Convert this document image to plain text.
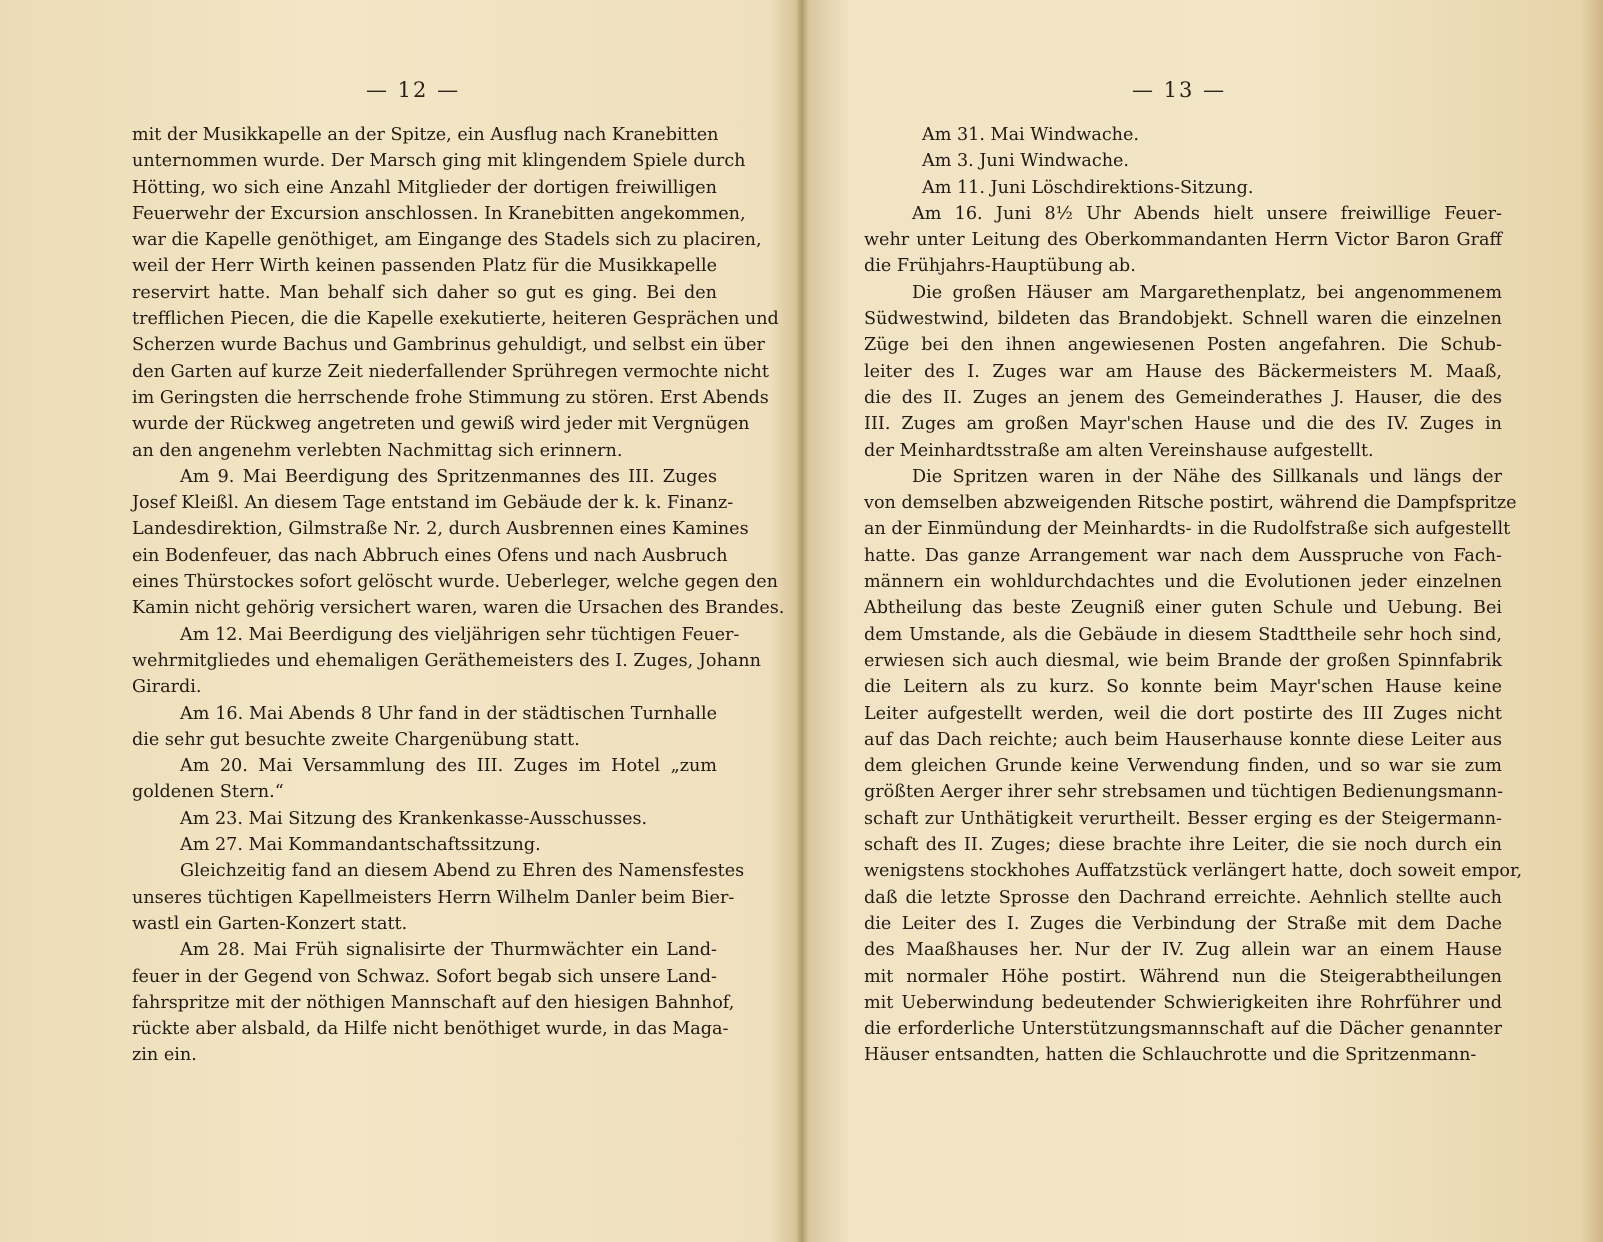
— 12 —
mit der Musikkapelle an der Spitze, ein Ausflug nach Kranebitten
unternommen wurde. Der Marsch ging mit klingendem Spiele durch
Hötting, wo sich eine Anzahl Mitglieder der dortigen freiwilligen
Feuerwehr der Excursion anschlossen. In Kranebitten angekommen,
war die Kapelle genöthiget, am Eingange des Stadels sich zu placiren,
weil der Herr Wirth keinen passenden Platz für die Musikkapelle
reservirt hatte. Man behalf sich daher so gut es ging. Bei den
trefflichen Piecen, die die Kapelle exekutierte, heiteren Gesprächen und
Scherzen wurde Bachus und Gambrinus gehuldigt, und selbst ein über
den Garten auf kurze Zeit niederfallender Sprühregen vermochte nicht
im Geringsten die herrschende frohe Stimmung zu stören. Erst Abends
wurde der Rückweg angetreten und gewiß wird jeder mit Vergnügen
an den angenehm verlebten Nachmittag sich erinnern.
Am 9. Mai Beerdigung des Spritzenmannes des III. Zuges
Josef Kleißl. An diesem Tage entstand im Gebäude der k. k. Finanz-
Landesdirektion, Gilmstraße Nr. 2, durch Ausbrennen eines Kamines
ein Bodenfeuer, das nach Abbruch eines Ofens und nach Ausbruch
eines Thürstockes sofort gelöscht wurde. Ueberleger, welche gegen den
Kamin nicht gehörig versichert waren, waren die Ursachen des Brandes.
Am 12. Mai Beerdigung des vieljährigen sehr tüchtigen Feuer-
wehrmitgliedes und ehemaligen Geräthemeisters des I. Zuges, Johann
Girardi.
Am 16. Mai Abends 8 Uhr fand in der städtischen Turnhalle
die sehr gut besuchte zweite Chargenübung statt.
Am 20. Mai Versammlung des III. Zuges im Hotel „zum
goldenen Stern.“
Am 23. Mai Sitzung des Krankenkasse-Ausschusses.
Am 27. Mai Kommandantschaftssitzung.
Gleichzeitig fand an diesem Abend zu Ehren des Namensfestes
unseres tüchtigen Kapellmeisters Herrn Wilhelm Danler beim Bier-
wastl ein Garten-Konzert statt.
Am 28. Mai Früh signalisirte der Thurmwächter ein Land-
feuer in der Gegend von Schwaz. Sofort begab sich unsere Land-
fahrspritze mit der nöthigen Mannschaft auf den hiesigen Bahnhof,
rückte aber alsbald, da Hilfe nicht benöthiget wurde, in das Maga-
zin ein.
— 13 —
Am 31. Mai Windwache.
Am 3. Juni Windwache.
Am 11. Juni Löschdirektions-Sitzung.
Am 16. Juni 8½ Uhr Abends hielt unsere freiwillige Feuer-
wehr unter Leitung des Oberkommandanten Herrn Victor Baron Graff
die Frühjahrs-Hauptübung ab.
Die großen Häuser am Margarethenplatz, bei angenommenem
Südwestwind, bildeten das Brandobjekt. Schnell waren die einzelnen
Züge bei den ihnen angewiesenen Posten angefahren. Die Schub-
leiter des I. Zuges war am Hause des Bäckermeisters M. Maaß,
die des II. Zuges an jenem des Gemeinderathes J. Hauser, die des
III. Zuges am großen Mayr'schen Hause und die des IV. Zuges in
der Meinhardtsstraße am alten Vereinshause aufgestellt.
Die Spritzen waren in der Nähe des Sillkanals und längs der
von demselben abzweigenden Ritsche postirt, während die Dampfspritze
an der Einmündung der Meinhardts- in die Rudolfstraße sich aufgestellt
hatte. Das ganze Arrangement war nach dem Ausspruche von Fach-
männern ein wohldurchdachtes und die Evolutionen jeder einzelnen
Abtheilung das beste Zeugniß einer guten Schule und Uebung. Bei
dem Umstande, als die Gebäude in diesem Stadttheile sehr hoch sind,
erwiesen sich auch diesmal, wie beim Brande der großen Spinnfabrik
die Leitern als zu kurz. So konnte beim Mayr'schen Hause keine
Leiter aufgestellt werden, weil die dort postirte des III Zuges nicht
auf das Dach reichte; auch beim Hauserhause konnte diese Leiter aus
dem gleichen Grunde keine Verwendung finden, und so war sie zum
größten Aerger ihrer sehr strebsamen und tüchtigen Bedienungsmann-
schaft zur Unthätigkeit verurtheilt. Besser erging es der Steigermann-
schaft des II. Zuges; diese brachte ihre Leiter, die sie noch durch ein
wenigstens stockhohes Auffatzstück verlängert hatte, doch soweit empor,
daß die letzte Sprosse den Dachrand erreichte. Aehnlich stellte auch
die Leiter des I. Zuges die Verbindung der Straße mit dem Dache
des Maaßhauses her. Nur der IV. Zug allein war an einem Hause
mit normaler Höhe postirt. Während nun die Steigerabtheilungen
mit Ueberwindung bedeutender Schwierigkeiten ihre Rohrführer und
die erforderliche Unterstützungsmannschaft auf die Dächer genannter
Häuser entsandten, hatten die Schlauchrotte und die Spritzenmann-
